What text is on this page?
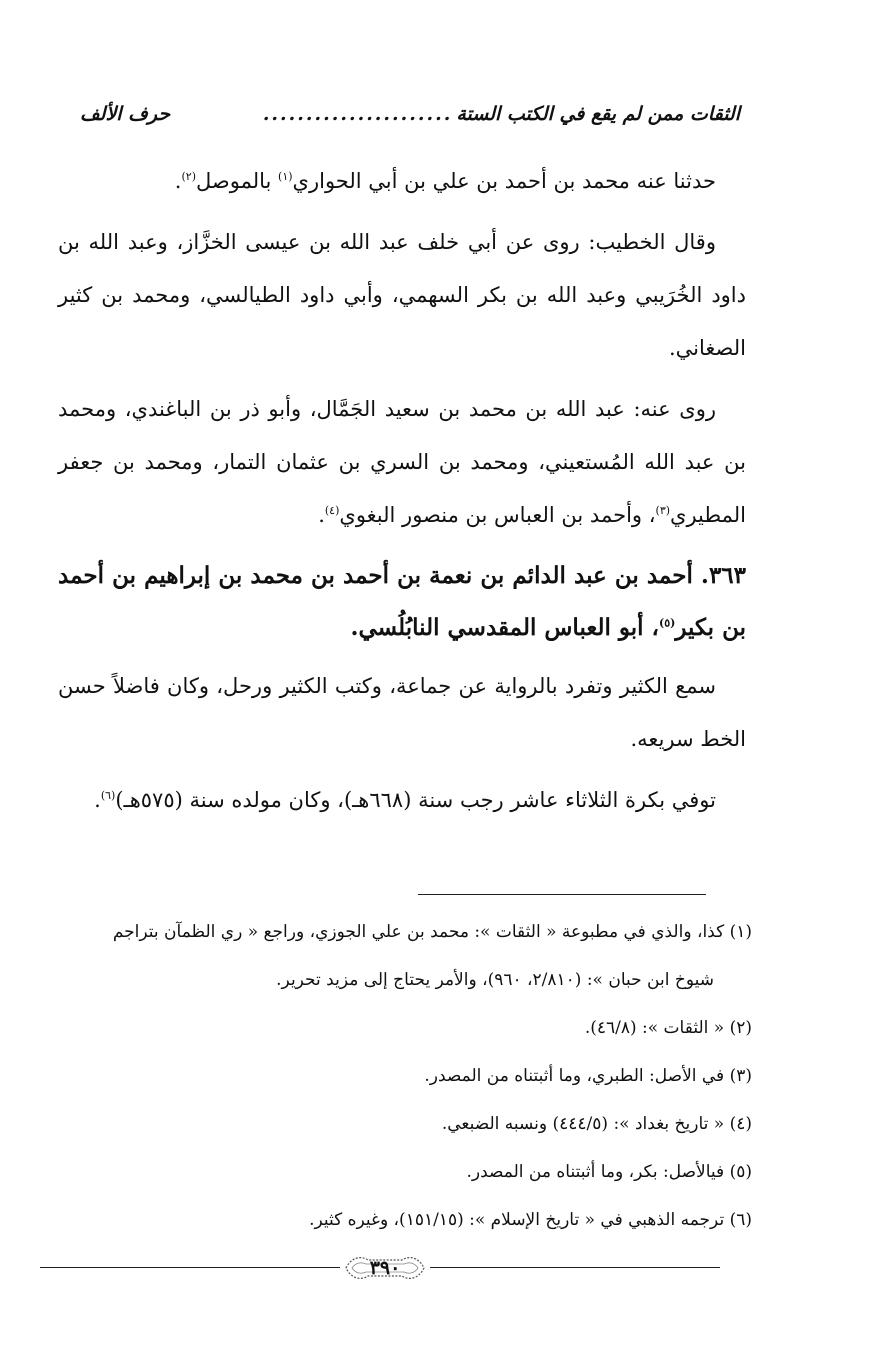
حرف الألف	...................... الثقات ممن لم يقع في الكتب الستة

حدثنا عنه محمد بن أحمد بن علي بن أبي الحواري$^{(١)}$ بالموصل$^{(٢)}$.

وقال الخطيب: روى عن أبي خلف عبد الله بن عيسى الخزَّاز، وعبد الله بن داود الخُرَيبي وعبد الله بن بكر السهمي، وأبي داود الطيالسي، ومحمد بن كثير الصغاني.

روى عنه: عبد الله بن محمد بن سعيد الجَمَّال، وأبو ذر بن الباغندي، ومحمد بن عبد الله المُستعيني، ومحمد بن السري بن عثمان التمار، ومحمد بن جعفر المطيري$^{(٣)}$، وأحمد بن العباس بن منصور البغوي$^{(٤)}$.

٣٦٣. أحمد بن عبد الدائم بن نعمة بن أحمد بن محمد بن إبراهيم بن أحمد بن بكير$^{(٥)}$، أبو العباس المقدسي النابُلُسي.

سمع الكثير وتفرد بالرواية عن جماعة، وكتب الكثير ورحل، وكان فاضلاً حسن الخط سريعه.

توفي بكرة الثلاثاء عاشر رجب سنة (٦٦٨هـ)، وكان مولده سنة (٥٧٥هـ)$^{(٦)}$.

(١) كذا، والذي في مطبوعة « الثقات »: محمد بن علي الجوزي، وراجع « ري الظمآن بتراجم

شيوخ ابن حبان »: (٢/٨١٠، ٩٦٠)، والأمر يحتاج إلى مزيد تحرير.

(٢) « الثقات »: (٤٦/٨).

(٣) في الأصل: الطبري، وما أثبتناه من المصدر.

(٤) « تاريخ بغداد »: (٤٤٤/٥) ونسبه الضبعي.

(٥) فيالأصل: بكر، وما أثبتناه من المصدر.

(٦) ترجمه الذهبي في « تاريخ الإسلام »: (١٥١/١٥)، وغيره كثير.

٣٩٠
